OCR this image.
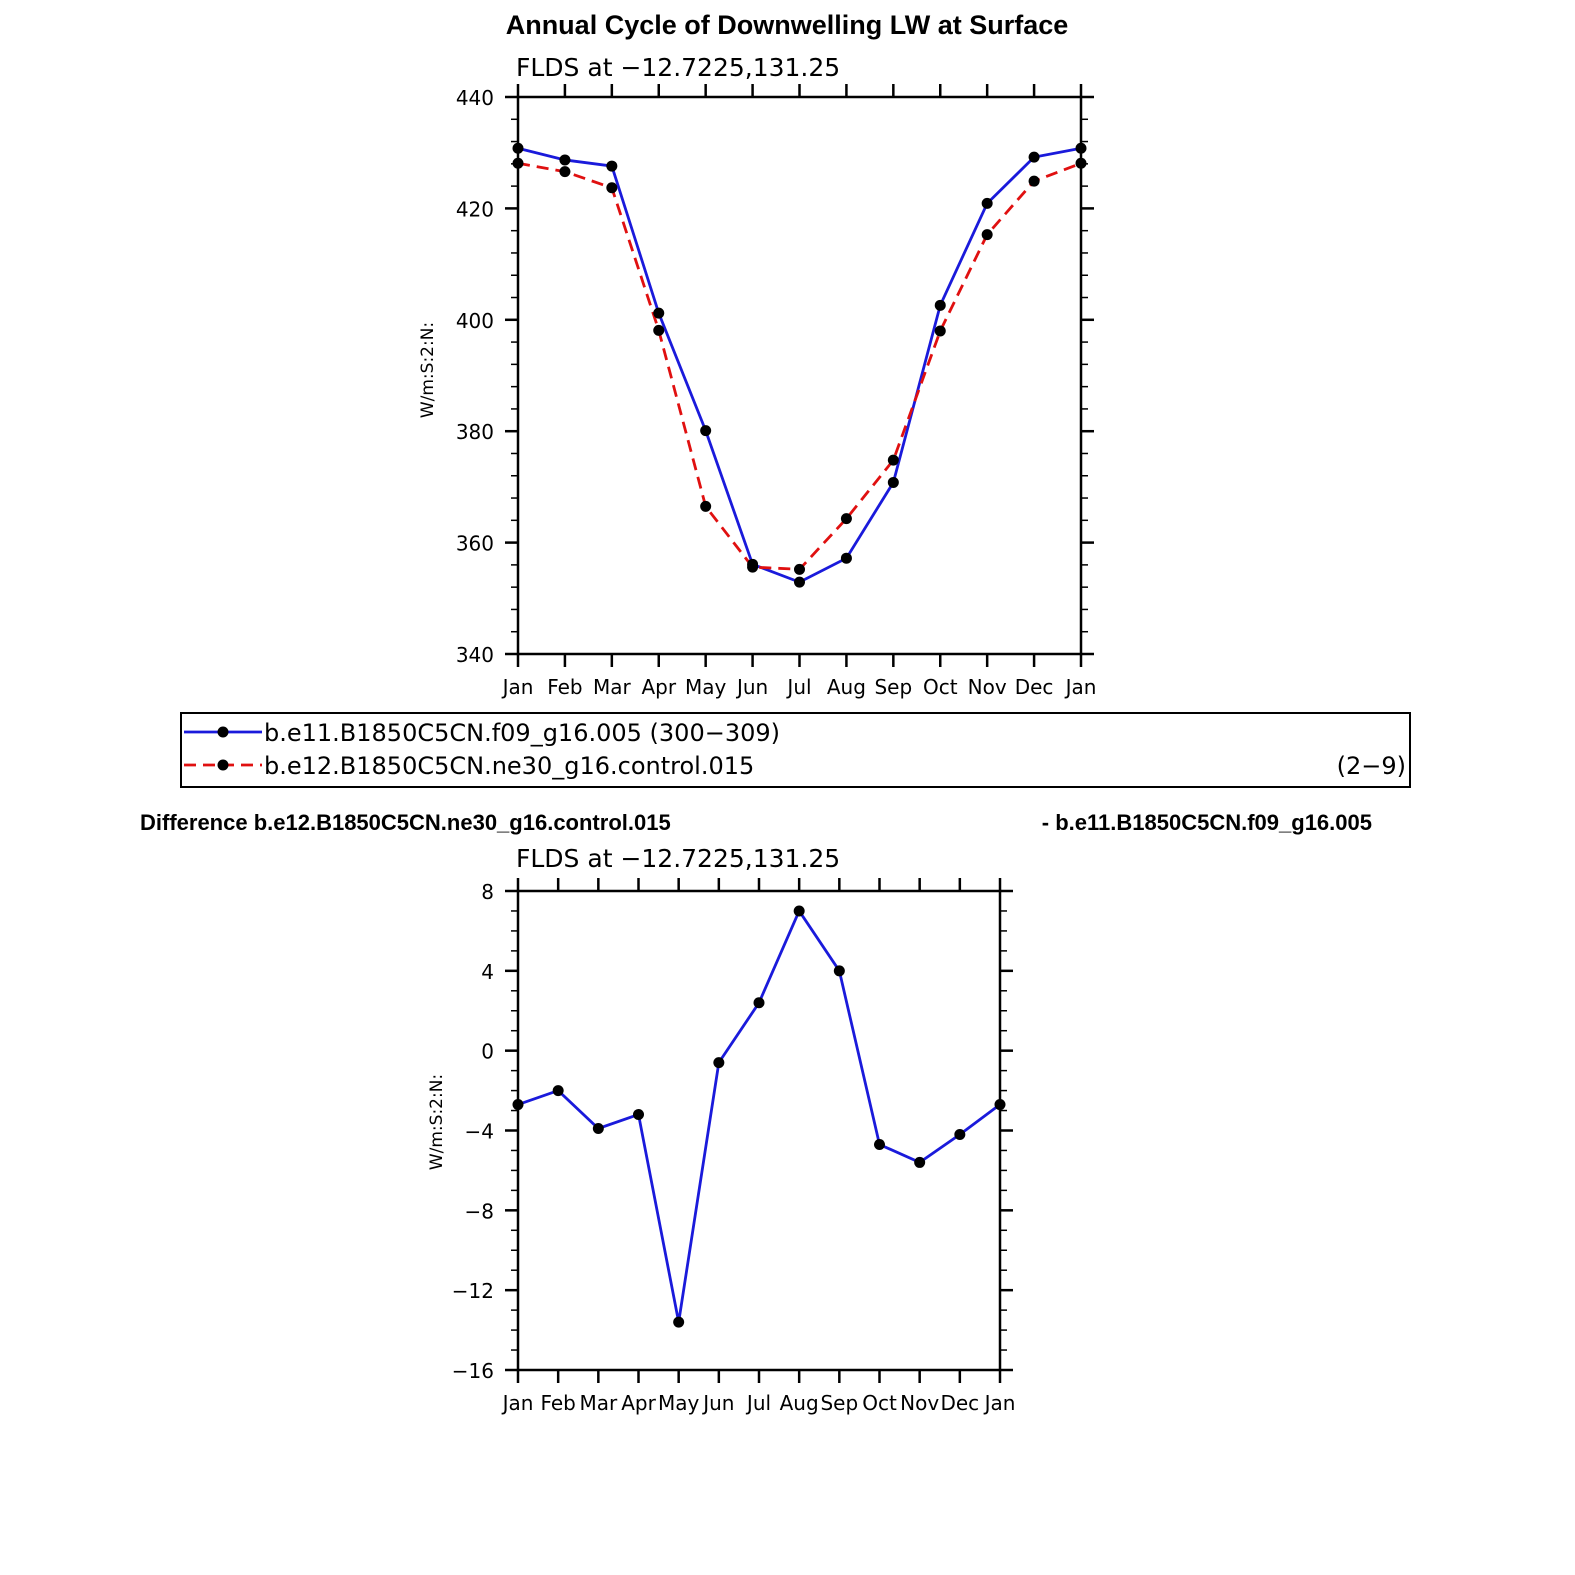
Annual Cycle of Downwelling LW at Surface
FLDS at −12.7225,131.25
W/m:S:2:N:
Jan Feb Mar Apr May Jun Jul Aug Sep Oct Nov Dec Jan
340
360
380
400
420
440
b.e11.B1850C5CN.f09_g16.005 (300−309)
b.e12.B1850C5CN.ne30_g16.control.015	(2−9)
Difference b.e12.B1850C5CN.ne30_g16.control.015	- b.e11.B1850C5CN.f09_g16.005
FLDS at −12.7225,131.25
W/m:S:2:N:
Jan Feb Mar Apr May Jun Jul Aug Sep Oct Nov Dec Jan
−16
−12
−8
−4
0
4
8
